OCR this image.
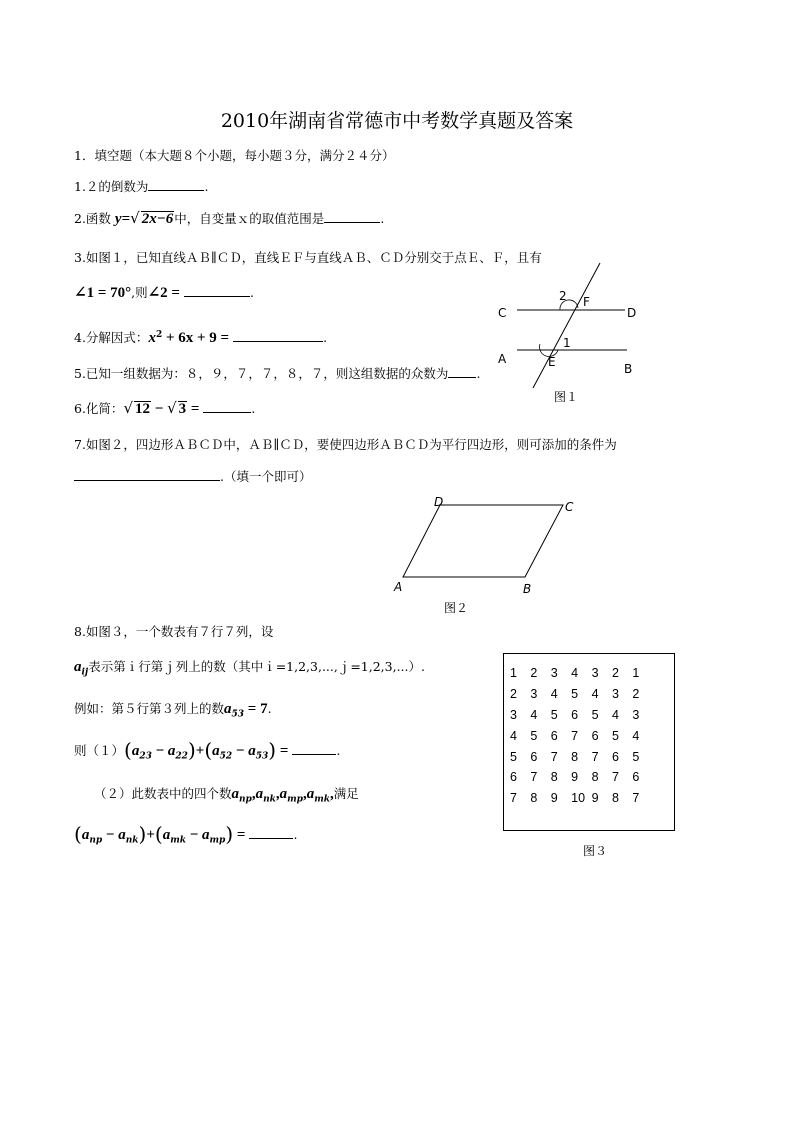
2010年湖南省常德市中考数学真题及答案
1．填空题（本大题８个小题，每小题３分，满分２４分）
1.２的倒数为	.
2.函数 y=√ 2x−6中，自变量ｘ的取值范围是	.
3.如图１，已知直线ＡＢ∥ＣＤ，直线ＥＦ与直线ＡＢ、ＣＤ分别交于点Ｅ、Ｆ，且有
∠1 = 70°,则∠2 =	.
4.分解因式：$x^2 + 6x + 9$ =	.
5.已知一组数据为：８，９，７，７，８，７，则这组数据的众数为 .
6.化简：√ 12 − √ 3 =	.
7.如图２，四边形ＡＢＣＤ中，ＡＢ∥ＣＤ，要使四边形ＡＢＣＤ为平行四边形，则可添加的条件为
.（填一个即可）
8.如图３，一个数表有７行７列，设
$a_{ij}$表示第ｉ行第ｊ列上的数（其中ｉ=1,2,3,...,ｊ=1,2,3,...）.
例如：第５行第３列上的数$a_{53} = 7$.
则$(1)(a_{23} - a_{22})+(a_{52} - a_{53})$ =	.
（２）此数表中的四个数$a_{np},a_{nk},a_{mp},a_{mk}$,满足
$(a_{np} - a_{nk})+(a_{mk} - a_{mp})$ =	.
C	D
A
B
E
F
1
2
图１
D	C
A	B
图２
1	2	3	4	3	2	1
2	3	4	5	4	3	2
3	4	5	6	5	4	3
4	5	6	7	6	5	4
5	6	7	8	7	6	5
6	7	8	9	8	7	6
7	8	9	10	9	8	7
图３
